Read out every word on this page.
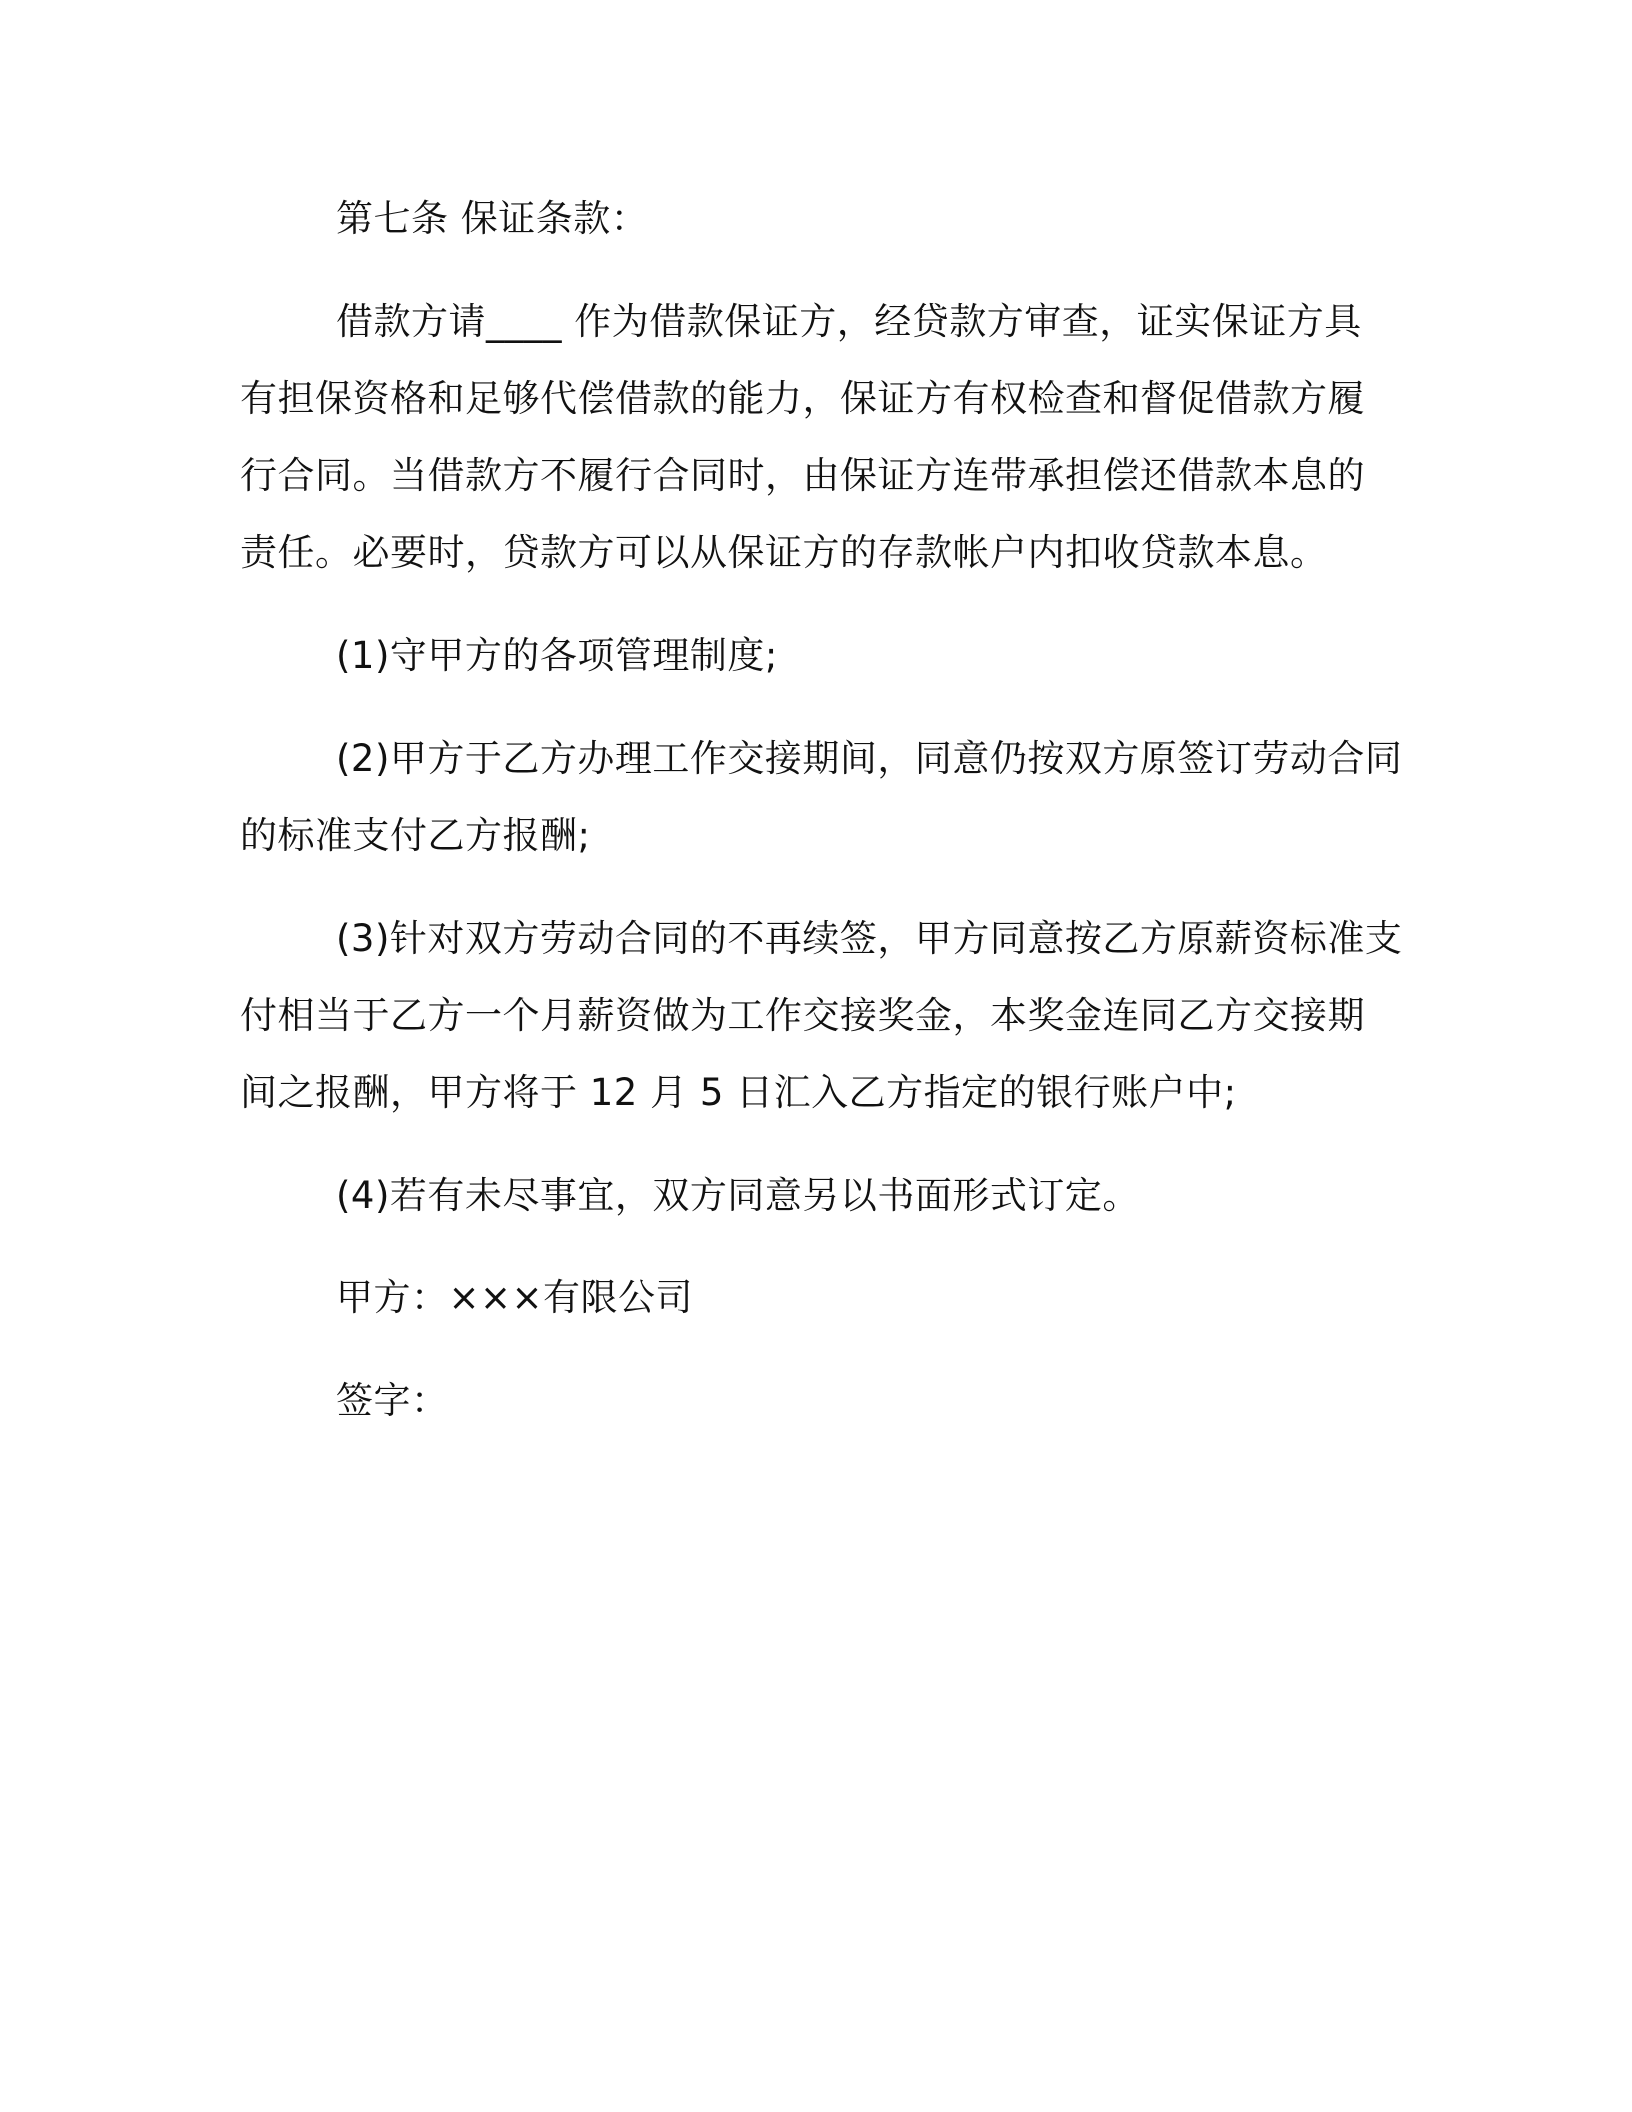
第七条 保证条款：
借款方请____ 作为借款保证方，经贷款方审查，证实保证方具
有担保资格和足够代偿借款的能力，保证方有权检查和督促借款方履
行合同。当借款方不履行合同时，由保证方连带承担偿还借款本息的
责任。必要时，贷款方可以从保证方的存款帐户内扣收贷款本息。
(1)守甲方的各项管理制度;
(2)甲方于乙方办理工作交接期间，同意仍按双方原签订劳动合同
的标准支付乙方报酬;
(3)针对双方劳动合同的不再续签，甲方同意按乙方原薪资标准支
付相当于乙方一个月薪资做为工作交接奖金，本奖金连同乙方交接期
间之报酬，甲方将于 12 月 5 日汇入乙方指定的银行账户中;
(4)若有未尽事宜，双方同意另以书面形式订定。
甲方：×××有限公司
签字：
